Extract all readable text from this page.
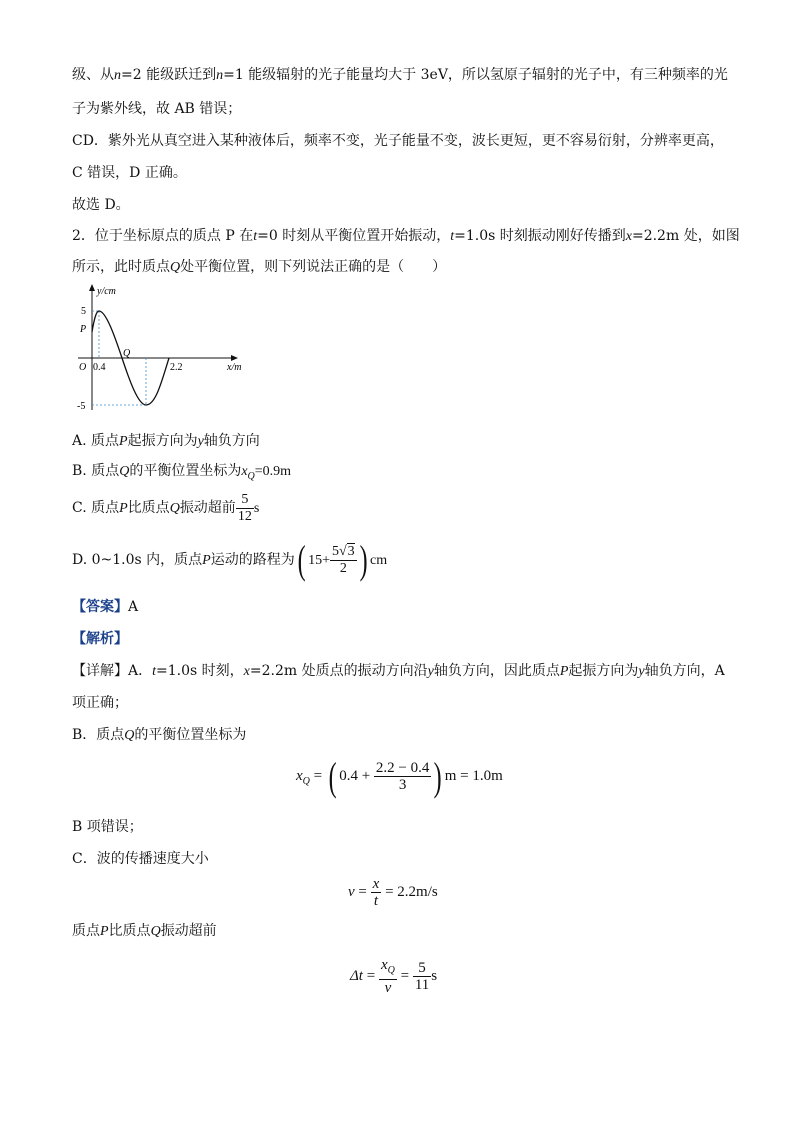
级、从n=2 能级跃迁到n=1 能级辐射的光子能量均大于 3eV，所以氢原子辐射的光子中，有三种频率的光
子为紫外线，故 AB 错误；
CD．紫外光从真空进入某种液体后，频率不变，光子能量不变，波长更短，更不容易衍射，分辨率更高，
C 错误，D 正确。
故选 D。
2．位于坐标原点的质点 P 在t=0 时刻从平衡位置开始振动，t=1.0s 时刻振动刚好传播到x=2.2m 处，如图
所示，此时质点Q处平衡位置，则下列说法正确的是（　　）
y/cm
5
P
O 0.4
Q
2.2	x/m
-5
A. 质点P起振方向为y轴负方向
B. 质点Q的平衡位置坐标为$x_Q=0.9m$
C. 质点P比质点Q振动超前 $\frac{5}{12}$ s
D. 0~1.0s 内，质点P运动的路程为( $15+ \frac{5√3}{2}$ ) cm
【答案】A
【解析】
【详解】A．t=1.0s 时刻，x=2.2m 处质点的振动方向沿y轴负方向，因此质点P起振方向为y轴负方向，A
项正确；
B．质点Q的平衡位置坐标为
$x_Q$ = ( $0.4 + \frac{2.2 - 0.4}{3}$ ) m = 1.0m
B 项错误；
C．波的传播速度大小
$v = \frac{x}{t} = 2.2m/s$
质点P比质点Q振动超前
$\Delta t = \frac{x_Q}{v} = \frac{5}{11}$ s
